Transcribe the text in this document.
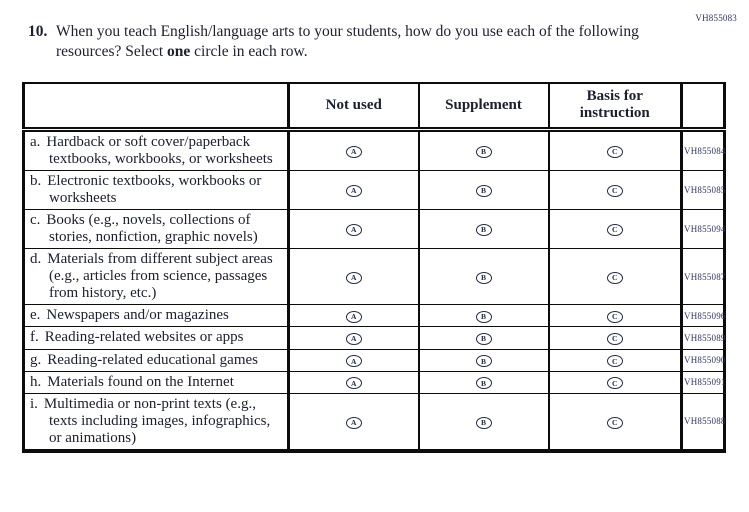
VH855083
10. When you teach English/language arts to your students, how do you use each of the following resources? Select one circle in each row.
	Not used	Supplement	Basis for instruction	
a. Hardback or soft cover/paperback textbooks, workbooks, or worksheets	A	B	C	VH855084
b. Electronic textbooks, workbooks or worksheets	A	B	C	VH855085
c. Books (e.g., novels, collections of stories, nonfiction, graphic novels)	A	B	C	VH855094
d. Materials from different subject areas (e.g., articles from science, passages from history, etc.)	A	B	C	VH855087
e. Newspapers and/or magazines	A	B	C	VH855096
f. Reading-related websites or apps	A	B	C	VH855089
g. Reading-related educational games	A	B	C	VH855090
h. Materials found on the Internet	A	B	C	VH855091
i. Multimedia or non-print texts (e.g., texts including images, infographics, or animations)	A	B	C	VH855088
